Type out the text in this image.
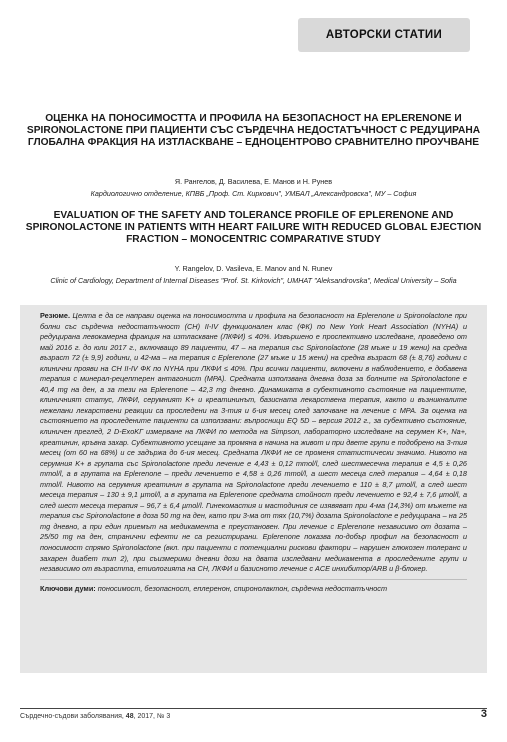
АВТОРСКИ СТАТИИ
ОЦЕНКА НА ПОНОСИМОСТТА И ПРОФИЛА НА БЕЗОПАСНОСТ НА EPLERENONE И SPIRONOLACTONE ПРИ ПАЦИЕНТИ СЪС СЪРДЕЧНА НЕДОСТАТЪЧНОСТ С РЕДУЦИРАНА ГЛОБАЛНА ФРАКЦИЯ НА ИЗТЛАСКВАНЕ – ЕДНОЦЕНТРОВО СРАВНИТЕЛНО ПРОУЧВАНЕ
Я. Рангелов, Д. Василева, Е. Манов и Н. Рунев
Кардиологично отделение, КПВБ „Проф. Ст. Киркович", УМБАЛ „Александровска", МУ – София
EVALUATION OF THE SAFETY AND TOLERANCE PROFILE OF EPLERENONE AND SPIRONOLACTONE IN PATIENTS WITH HEART FAILURE WITH REDUCED GLOBAL EJECTION FRACTION – MONOCENTRIC COMPARATIVE STUDY
Y. Rangelov, D. Vasileva, E. Manov and N. Runev
Clinic of Cardiology, Department of Internal Diseases "Prof. St. Kirkovich", UMHAT "Aleksandrovska", Medical University – Sofia

Резюме. Целта е да се направи оценка на поносимостта и профила на безопасност на Eplerenone и Spironolactone при болни със сърдечна недостатъчност (СН) II-IV функционален клас (ФК) по New York Heart Association (NYHA) и редуцирана левокамерна фракция на изтласкване (ЛКФИ) ≤ 40%. Извършено е проспективно изследване, проведено от май 2016 г. до юли 2017 г., включващо 89 пациенти, 47 – на терапия със Spironolactone (28 мъже и 19 жени) на средна възраст 72 (± 9,9) години, и 42-ма – на терапия с Eplerenone (27 мъже и 15 жени) на средна възраст 68 (± 8,76) години с клинични прояви на СН II-IV ФК по NYHA при ЛКФИ ≤ 40%. При всички пациенти, включени в наблюдението, е добавена терапия с минерал-рецептерен антагонист (МРА). Средната използвана дневна доза за болните на Spironolactone е 40,4 mg на ден, а за тези на Eplerenone – 42,3 mg дневно. Динамиката в субективното състояние на пациентите, клиничният статус, ЛКФИ, серумният K+ и креатининът, базисната лекарствена терапия, както и възникналите нежелани лекарствени реакции са проследени на 3-тия и 6-ия месец след започване на лечение с МРА. За оценка на състоянието на проследените пациенти са използвани: въпросници EQ 5D – версия 2012 г., за субективно състояние, клиничен преглед, 2 D-ExoKГ измерване на ЛКФИ по метода на Simpson, лабораторно изследване на серумен K+, Na+, креатинин, кръвна захар. Субективното усещане за промяна в начина на живот и при двете групи е подобрено на 3-тия месец (от 60 на 68%) и се задържа до 6-ия месец. Средната ЛКФИ не се променя статистически значимо. Нивото на серумния K+ в групата със Spironolactone преди лечение е 4,43 ± 0,12 mmol/l, след шестмесечна терапия е 4,5 ± 0,26 mmol/l, а в групата на Eplerenone – преди лечението е 4,58 ± 0,26 mmol/l, а шест месеца след терапия – 4,64 ± 0,18 mmol/l. Нивото на серумния креатинин в групата на Spironolactone преди лечението е 110 ± 8,7 µmol/l, а след шест месеца терапия – 130 ± 9,1 µmol/l, а в групата на Eplerenone средната стойност преди лечението е 92,4 ± 7,6 µmol/l, а след шест месеца терапия – 96,7 ± 6,4 µmol/l. Гинекомастия и мастодиния се изявяват при 4-ма (14,3%) от мъжете на терапия със Spironolactone в доза 50 mg на ден, като при 3-ма от тях (10,7%) дозата Spironolactone е редуцирана – на 25 mg дневно, а при един приемът на медикамента е преустановен. При лечение с Eplerenone независимо от дозата – 25/50 mg на ден, странични ефекти не са регистрирани. Eplerenone показва по-добър профил на безопасност и поносимост спрямо Spironolactone (вкл. при пациенти с потенциални рискови фактори – нарушен глюкозен толеранс и захарен диабет тип 2), при съизмерими дневни дози на двата изследвани медикамента в проследените групи и независимо от възрастта, етиологията на СН, ЛКФИ и базисното лечение с ACE инхибитор/ARB и β-блокер.

Ключови думи: поносимост, безопасност, еплеренон, спиронолактон, сърдечна недостатъчност
Сърдечно-съдови заболявания, 48, 2017, № 3	3
